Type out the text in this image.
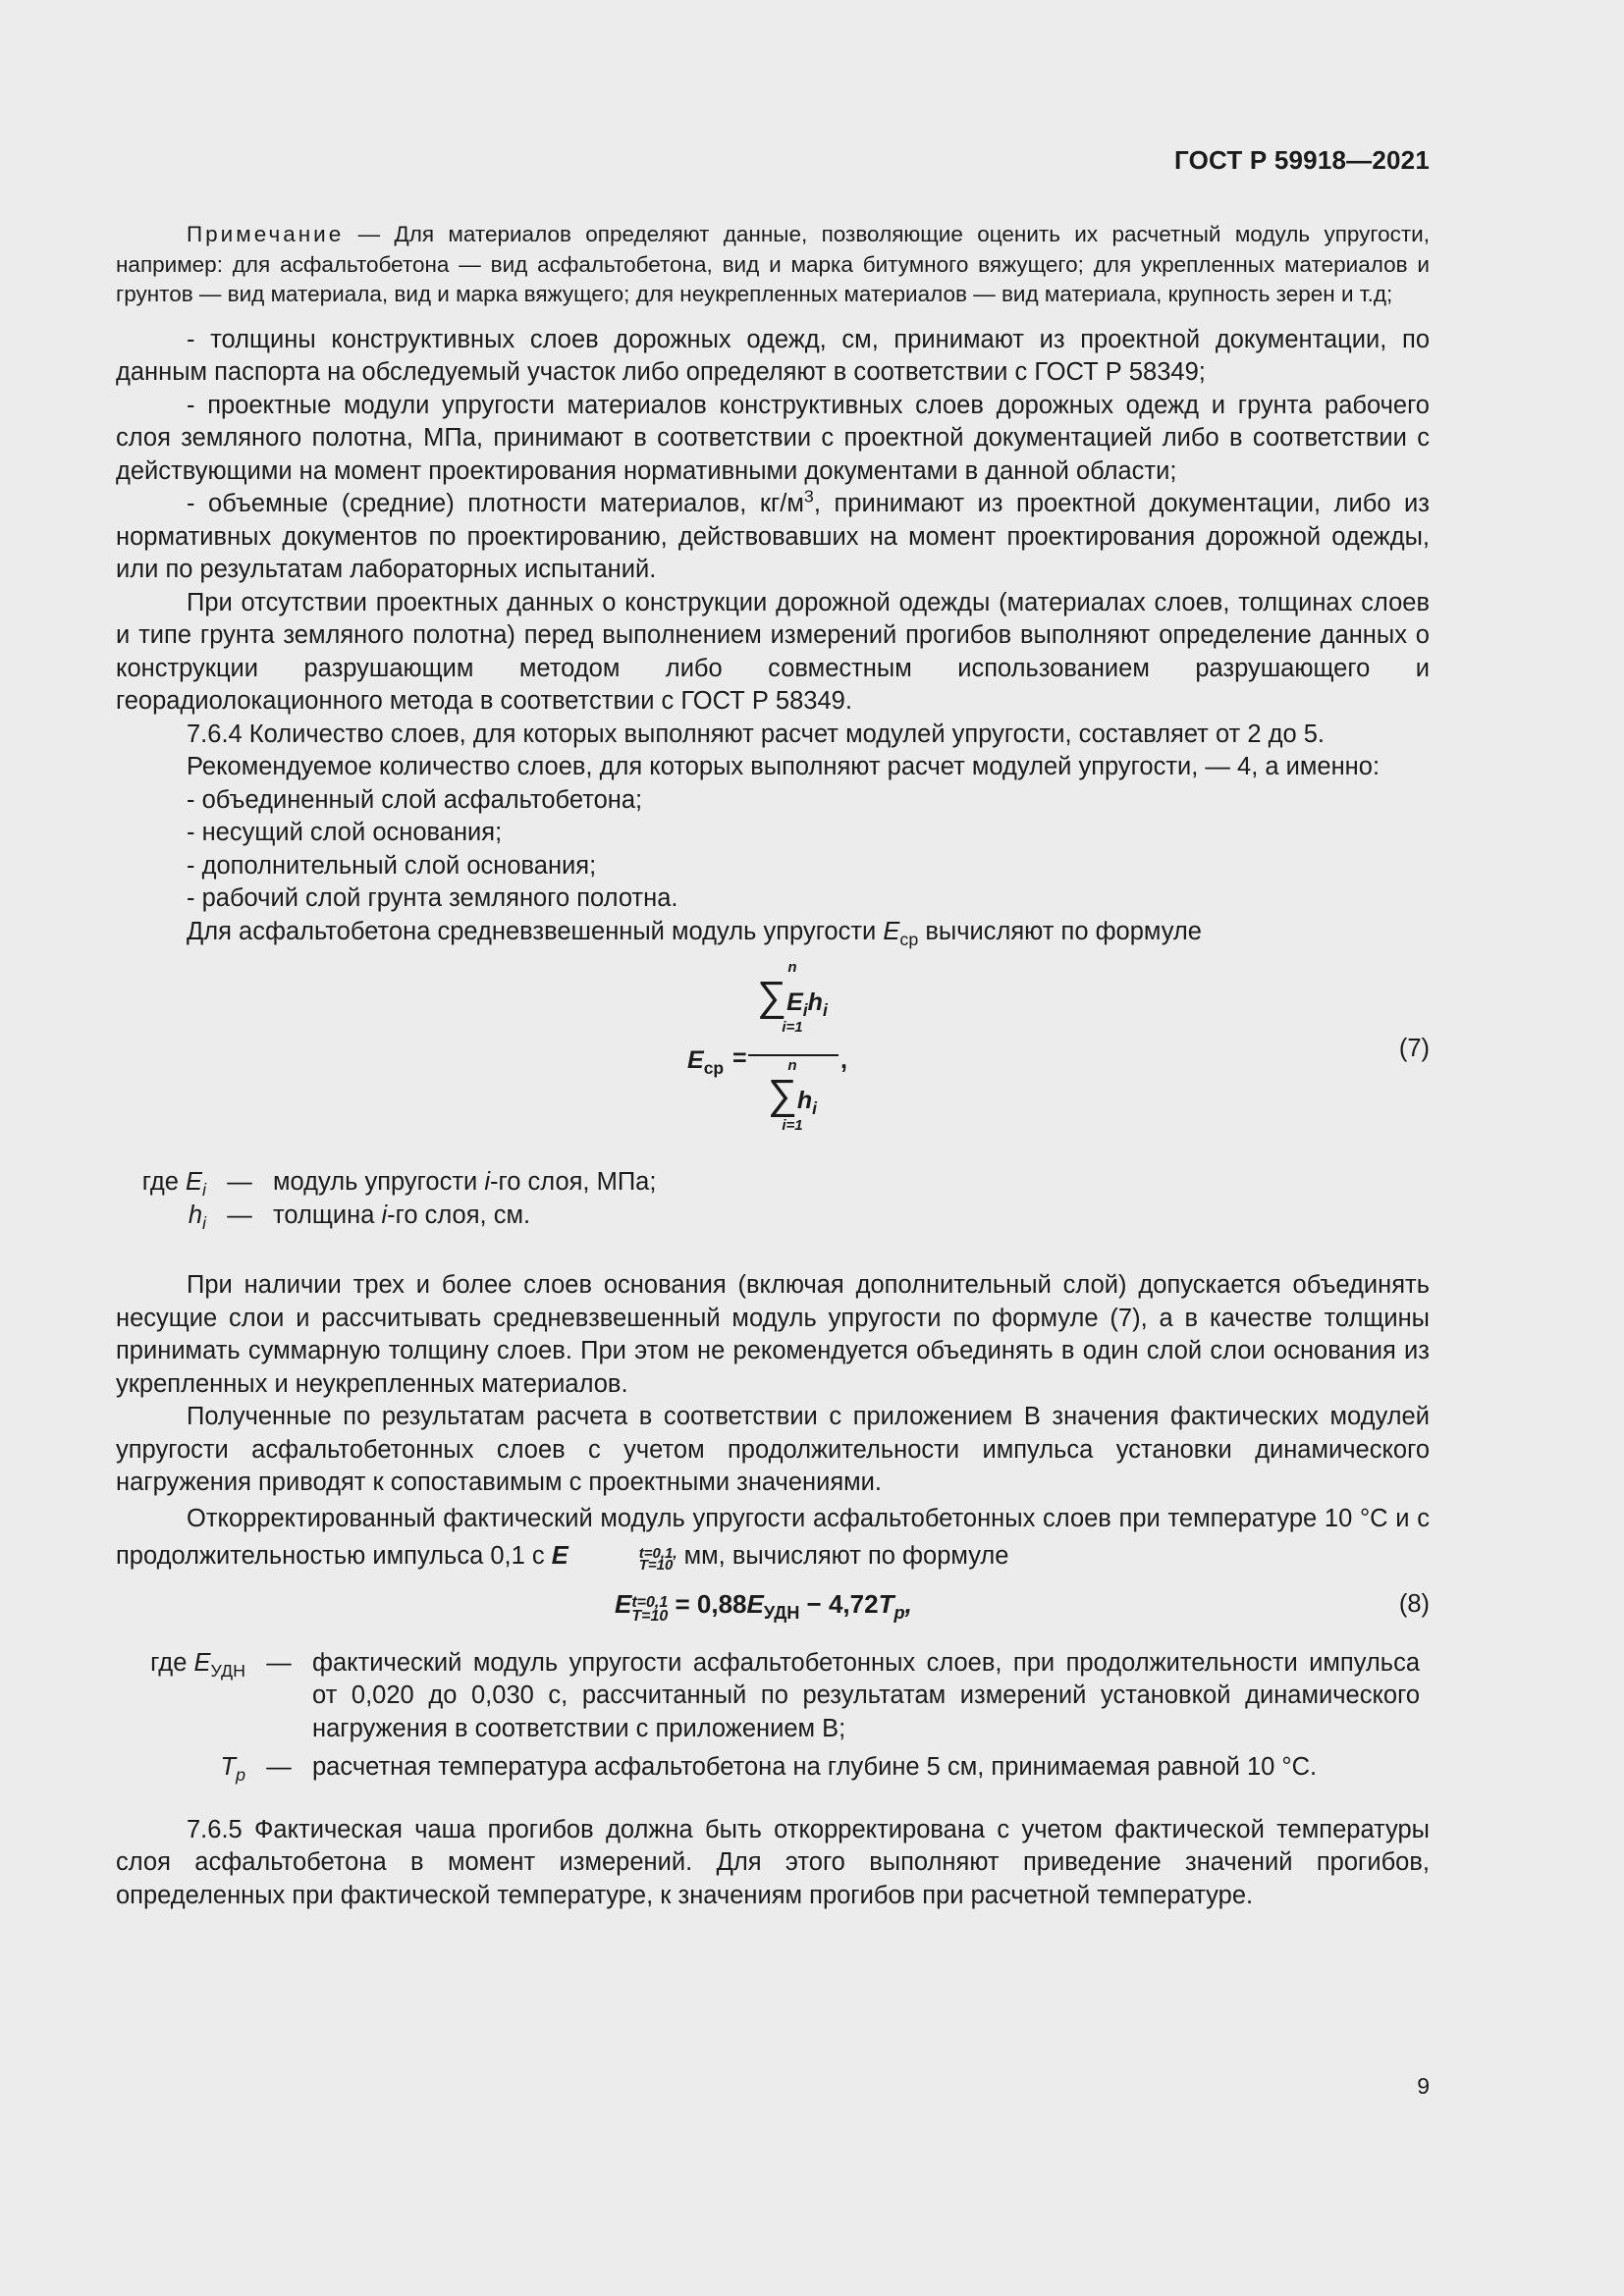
ГОСТ Р 59918—2021

Примечание — Для материалов определяют данные, позволяющие оценить их расчетный модуль упругости, например: для асфальтобетона — вид асфальтобетона, вид и марка битумного вяжущего; для укрепленных материалов и грунтов — вид материала, вид и марка вяжущего; для неукрепленных материалов — вид материала, крупность зерен и т.д;

- толщины конструктивных слоев дорожных одежд, см, принимают из проектной документации, по данным паспорта на обследуемый участок либо определяют в соответствии с ГОСТ Р 58349;

- проектные модули упругости материалов конструктивных слоев дорожных одежд и грунта рабочего слоя земляного полотна, МПа, принимают в соответствии с проектной документацией либо в соответствии с действующими на момент проектирования нормативными документами в данной области;

- объемные (средние) плотности материалов, $кг/м^3$, принимают из проектной документации, либо из нормативных документов по проектированию, действовавших на момент проектирования дорожной одежды, или по результатам лабораторных испытаний.

При отсутствии проектных данных о конструкции дорожной одежды (материалах слоев, толщинах слоев и типе грунта земляного полотна) перед выполнением измерений прогибов выполняют определение данных о конструкции разрушающим методом либо совместным использованием разрушающего и георадиолокационного метода в соответствии с ГОСТ Р 58349.

7.6.4 Количество слоев, для которых выполняют расчет модулей упругости, составляет от 2 до 5.

Рекомендуемое количество слоев, для которых выполняют расчет модулей упругости, — 4, а именно:

- объединенный слой асфальтобетона;
- несущий слой основания;
- дополнительный слой основания;
- рабочий слой грунта земляного полотна.

Для асфальтобетона средневзвешенный модуль упругости $E_{ср}$ вычисляют по формуле

$E_{ср}$ =
n
$\sum E_ih_i$
i=1
n
$\sum h_i$
i=1
,	(7)
где $E_i$ — модуль упругости i-го слоя, МПа;
$h_i$ — толщина i-го слоя, см.

При наличии трех и более слоев основания (включая дополнительный слой) допускается объединять несущие слои и рассчитывать средневзвешенный модуль упругости по формуле (7), а в качестве толщины принимать суммарную толщину слоев. При этом не рекомендуется объединять в один слой слои основания из укрепленных и неукрепленных материалов.

Полученные по результатам расчета в соответствии с приложением В значения фактических модулей упругости асфальтобетонных слоев с учетом продолжительности импульса установки динамического нагружения приводят к сопоставимым с проектными значениями.

Откорректированный фактический модуль упругости асфальтобетонных слоев при температуре 10 °С и с продолжительностью импульса 0,1 с E	t=0,1,
T=10 мм, вычисляют по формуле

E t=0,1
$T=10 = 0,88E_{УДН} - 4,72T_p$,	(8)
где $E_{УДН}$ — фактический модуль упругости асфальтобетонных слоев, при продолжительности импульса от 0,020 до 0,030 с, рассчитанный по результатам измерений установкой динамического нагружения в соответствии с приложением В;
$T_p$ — расчетная температура асфальтобетона на глубине 5 см, принимаемая равной 10 °С.

7.6.5 Фактическая чаша прогибов должна быть откорректирована с учетом фактической температуры слоя асфальтобетона в момент измерений. Для этого выполняют приведение значений прогибов, определенных при фактической температуре, к значениям прогибов при расчетной температуре.

9
